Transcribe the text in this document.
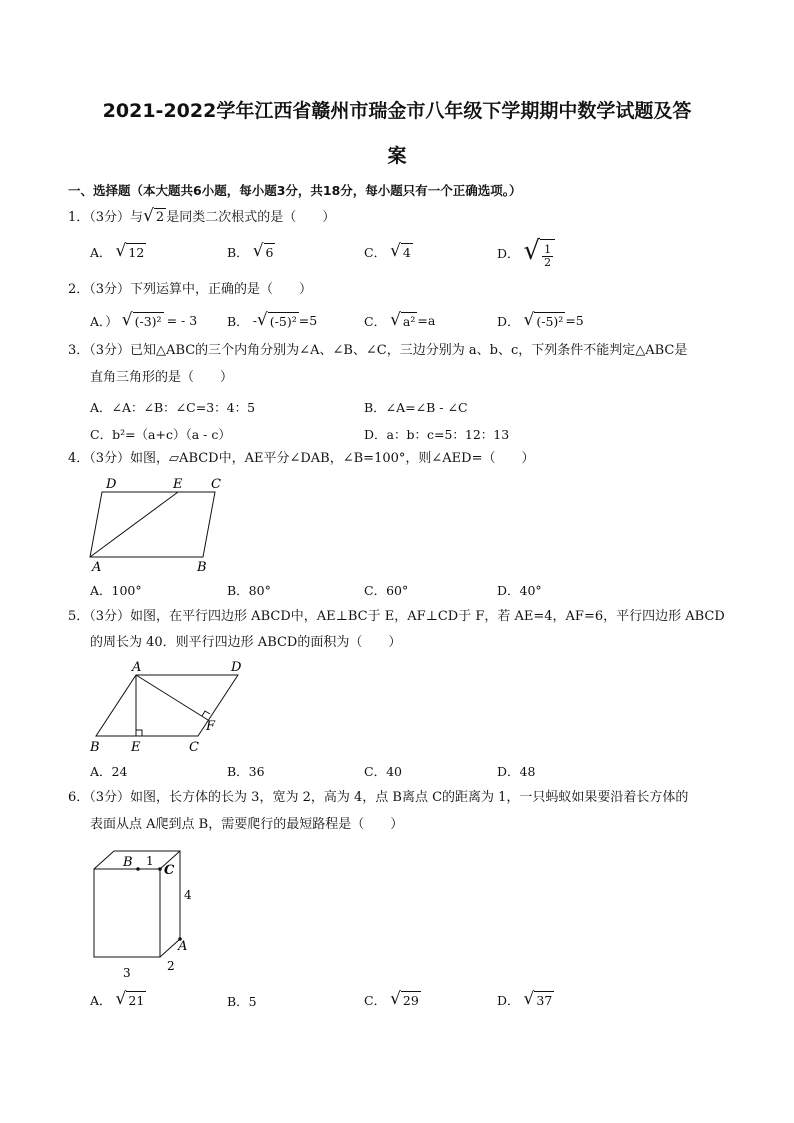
2021-2022学年江西省赣州市瑞金市八年级下学期期中数学试题及答
案
一、选择题（本大题共6小题，每小题3分，共18分，每小题只有一个正确选项。）
1．（3分）与 √ 2 是同类二次根式的是（　　）
A． √ 12	B． √ 6	C． √ 4	D． √ $\frac{1}{2}$
2．（3分）下列运算中，正确的是（　　）
A．） √ (-3)² = - 3 B． - √ (-5)² =5	C． √ a² =a	D． √ (-5)² =5
3．（3分）已知△ABC的三个内角分别为∠A、∠B、∠C，三边分别为 a、b、c，下列条件不能判定△ABC是
直角三角形的是（　　）
A．∠A：∠B：∠C=3：4：5	B．∠A=∠B - ∠C
C．b²=（a+c）（a - c）	D．a：b：c=5：12：13
4．（3分）如图，▱ABCD中，AE平分∠DAB，∠B=100°，则∠AED=（　　）
D	E C
A	B
A．100°	B．80°	C．60°	D．40°
5．（3分）如图，在平行四边形 ABCD中，AE⊥BC于 E，AF⊥CD于 F，若 AE=4，AF=6，平行四边形 ABCD
的周长为 40．则平行四边形 ABCD的面积为（　　）
A	D
F
B E	C
A．24	B．36	C．40	D．48
6．（3分）如图，长方体的长为 3，宽为 2，高为 4，点 B离点 C的距离为 1，一只蚂蚁如果要沿着长方体的
表面从点 A爬到点 B，需要爬行的最短路程是（　　）
B 1
C
4
A
3	2
A． √ 21	B．5	C． √ 29	D． √ 37
